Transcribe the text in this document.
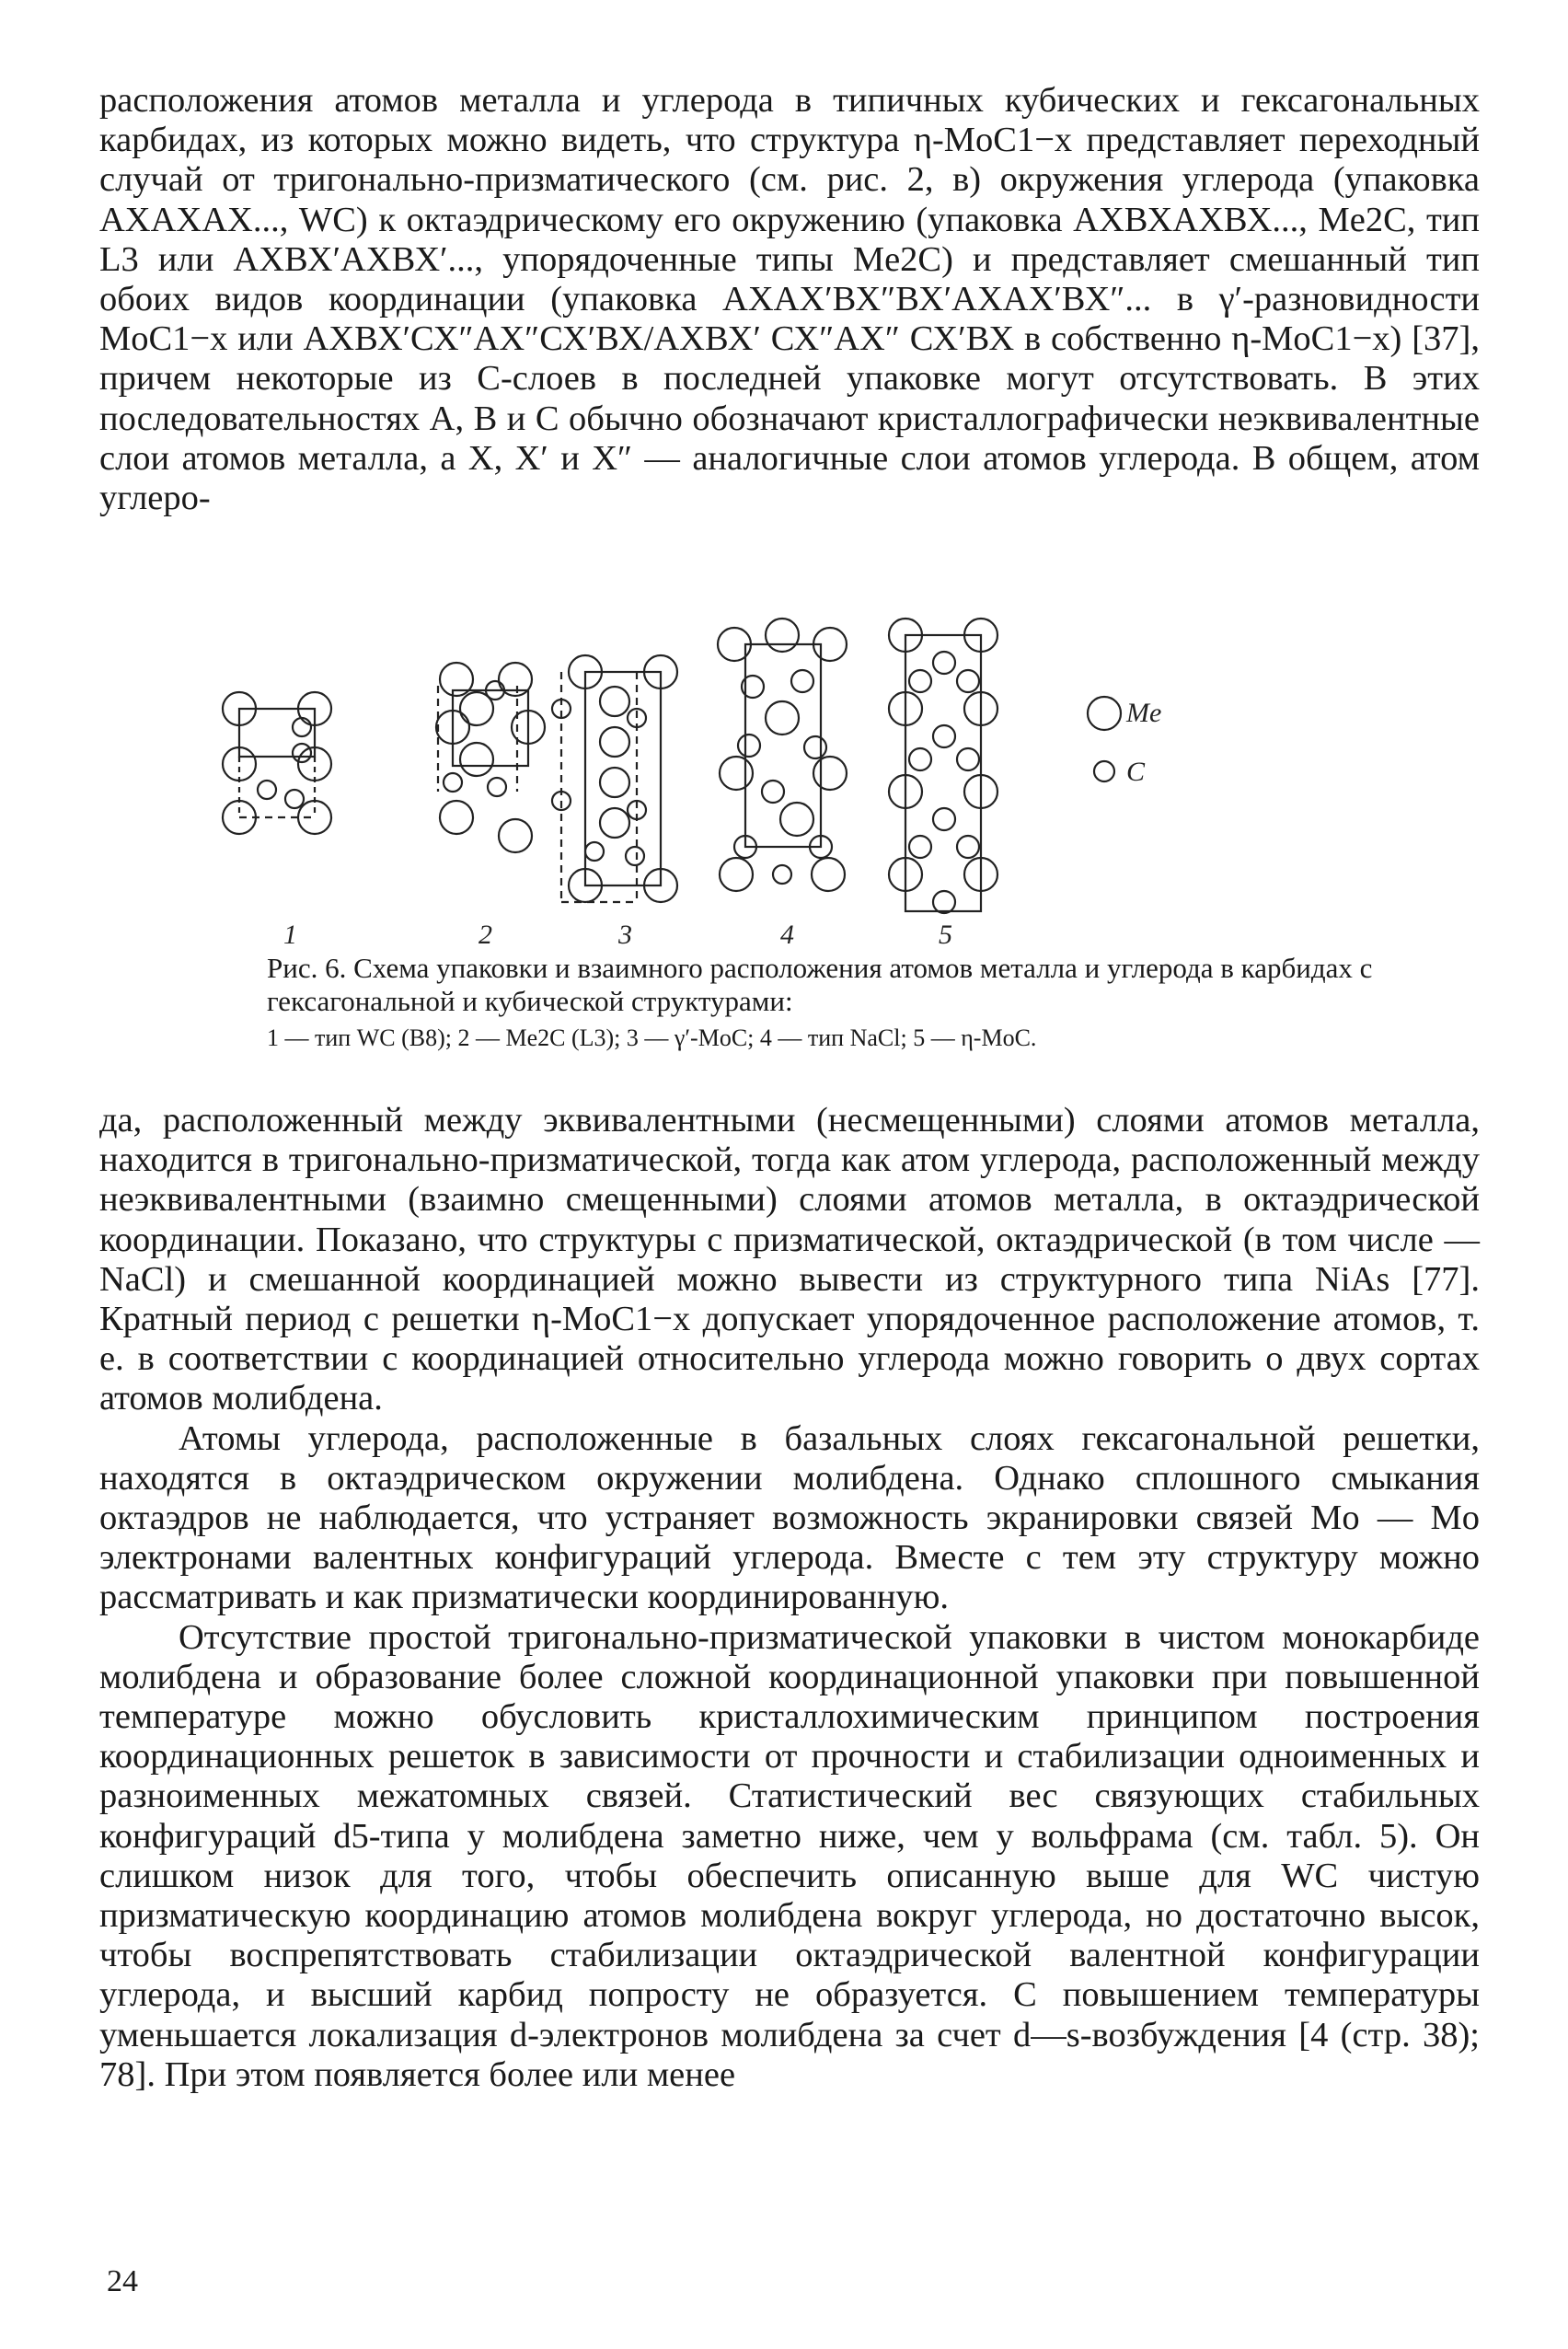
расположения атомов металла и углерода в типичных кубических и гексагональных карбидах, из которых можно видеть, что структура η-MoC1−x представляет переходный случай от тригонально-призматического (см. рис. 2, в) окружения углерода (упаковка АХАХАХ..., WC) к октаэдрическому его окружению (упаковка АХВХАХВХ..., Me2C, тип L3 или АХВХ′АХВХ′..., упорядоченные типы Me2C) и представляет смешанный тип обоих видов координации (упаковка АХАХ′ВХ″ВХ′АХАХ′ВХ″... в γ′-разновидности MoC1−x или АХВХ′СХ″АХ″СХ′ВХ/АХВХ′ СХ″АХ″ СХ′ВХ в собственно η-MoC1−x) [37], причем некоторые из С-слоев в последней упаковке могут отсутствовать. В этих последовательностях А, В и С обычно обозначают кристаллографически неэквивалентные слои атомов металла, а Х, Х′ и Х″ — аналогичные слои атомов углерода. В общем, атом углеро-

Me
C
1	2	3	4	5
Рис. 6. Схема упаковки и взаимного расположения атомов металла и углерода в карбидах с гексагональной и кубической структурами:
1 — тип WC (B8); 2 — Me2C (L3); 3 — γ′-MoC; 4 — тип NaCl; 5 — η-MoC.

да, расположенный между эквивалентными (несмещенными) слоями атомов металла, находится в тригонально-призматической, тогда как атом углерода, расположенный между неэквивалентными (взаимно смещенными) слоями атомов металла, в октаэдрической координации. Показано, что структуры с призматической, октаэдрической (в том числе — NaCl) и смешанной координацией можно вывести из структурного типа NiAs [77]. Кратный период c решетки η-MoC1−x допускает упорядоченное расположение атомов, т. е. в соответствии с координацией относительно углерода можно говорить о двух сортах атомов молибдена.

Атомы углерода, расположенные в базальных слоях гексагональной решетки, находятся в октаэдрическом окружении молибдена. Однако сплошного смыкания октаэдров не наблюдается, что устраняет возможность экранировки связей Mo — Mo электронами валентных конфигураций углерода. Вместе с тем эту структуру можно рассматривать и как призматически координированную.

Отсутствие простой тригонально-призматической упаковки в чистом монокарбиде молибдена и образование более сложной координационной упаковки при повышенной температуре можно обусловить кристаллохимическим принципом построения координационных решеток в зависимости от прочности и стабилизации одноименных и разноименных межатомных связей. Статистический вес связующих стабильных конфигураций d5-типа у молибдена заметно ниже, чем у вольфрама (см. табл. 5). Он слишком низок для того, чтобы обеспечить описанную выше для WC чистую призматическую координацию атомов молибдена вокруг углерода, но достаточно высок, чтобы воспрепятствовать стабилизации октаэдрической валентной конфигурации углерода, и высший карбид попросту не образуется. С повышением температуры уменьшается локализация d-электронов молибдена за счет d—s-возбуждения [4 (стр. 38); 78]. При этом появляется более или менее

24
